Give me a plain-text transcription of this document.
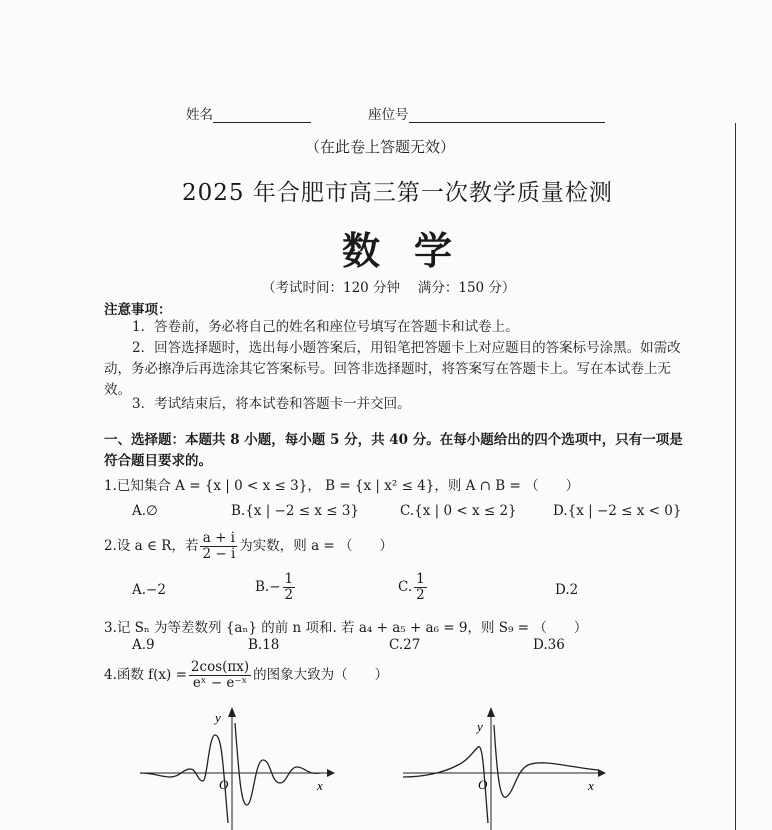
姓名	座位号
（在此卷上答题无效）
2025 年合肥市高三第一次教学质量检测
数学
（考试时间：120 分钟　 满分：150 分）
注意事项：
1．答卷前，务必将自己的姓名和座位号填写在答题卡和试卷上。
2．回答选择题时，选出每小题答案后，用铅笔把答题卡上对应题目的答案标号涂黑。如需改动，务必擦净后再选涂其它答案标号。回答非选择题时，将答案写在答题卡上。写在本试卷上无效。
3．考试结束后，将本试卷和答题卡一并交回。
一、选择题：本题共 8 小题，每小题 5 分，共 40 分。在每小题给出的四个选项中，只有一项是符合题目要求的。
1.已知集合 A = {x | 0 < x ≤ 3}， B = {x | x² ≤ 4}，则 A ∩ B = （　　）
A.∅	B.{x | −2 ≤ x ≤ 3}	C.{x | 0 < x ≤ 2}	D.{x | −2 ≤ x < 0}
2.设 a ∈ R，若 $\frac{a + i}{2 - i}$ 为实数，则 a = （　　）
A.−2	$B.- \frac{1}{2}$	C. $\frac{1}{2}$	D.2
3.记 Sₙ 为等差数列 {aₙ} 的前 n 项和. 若 a₄ + a₅ + a₆ = 9，则 S₉ = （　　）
A.9	B.18	C.27	D.36
4.函数 $f(x) = \frac{2\cos(\pi x)}{\text{eˣ − e⁻ˣ}}$ 的图象大致为（　　）
y
x
O
y
x
O
